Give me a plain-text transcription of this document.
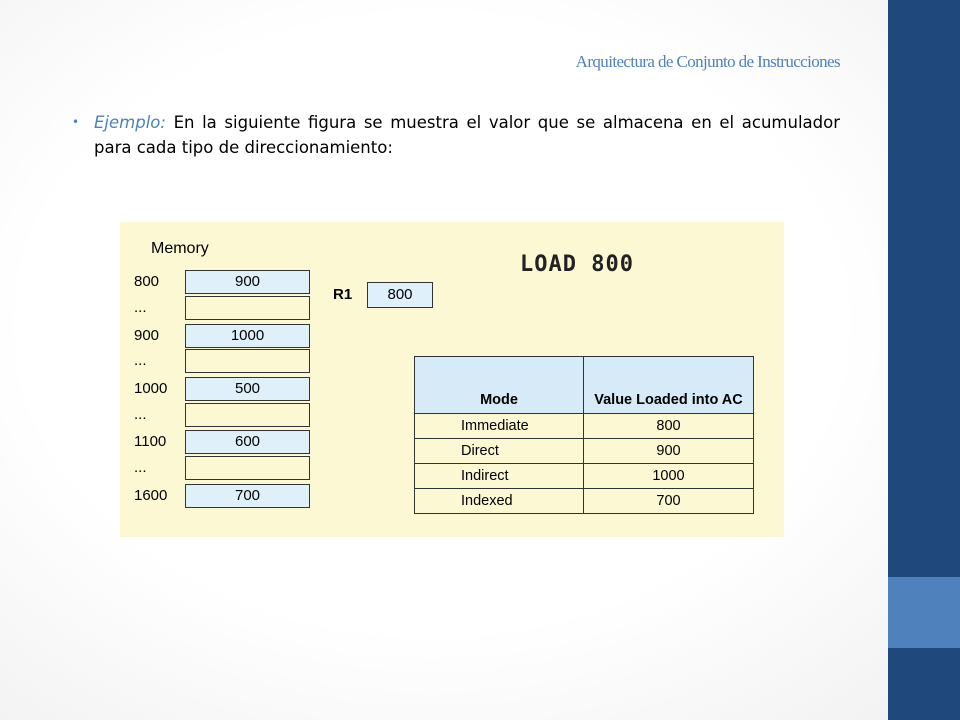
Arquitectura de Conjunto de Instrucciones
• Ejemplo: En la siguiente figura se muestra el valor que se almacena en el acumulador para cada tipo de direccionamiento:
Memory
800	900
...
900	1000
...
1000	500
...
1100	600
...
1600	700
R1	800
LOAD 800
Mode	Value Loaded into AC
Immediate	800
Direct	900
Indirect	1000
Indexed	700
